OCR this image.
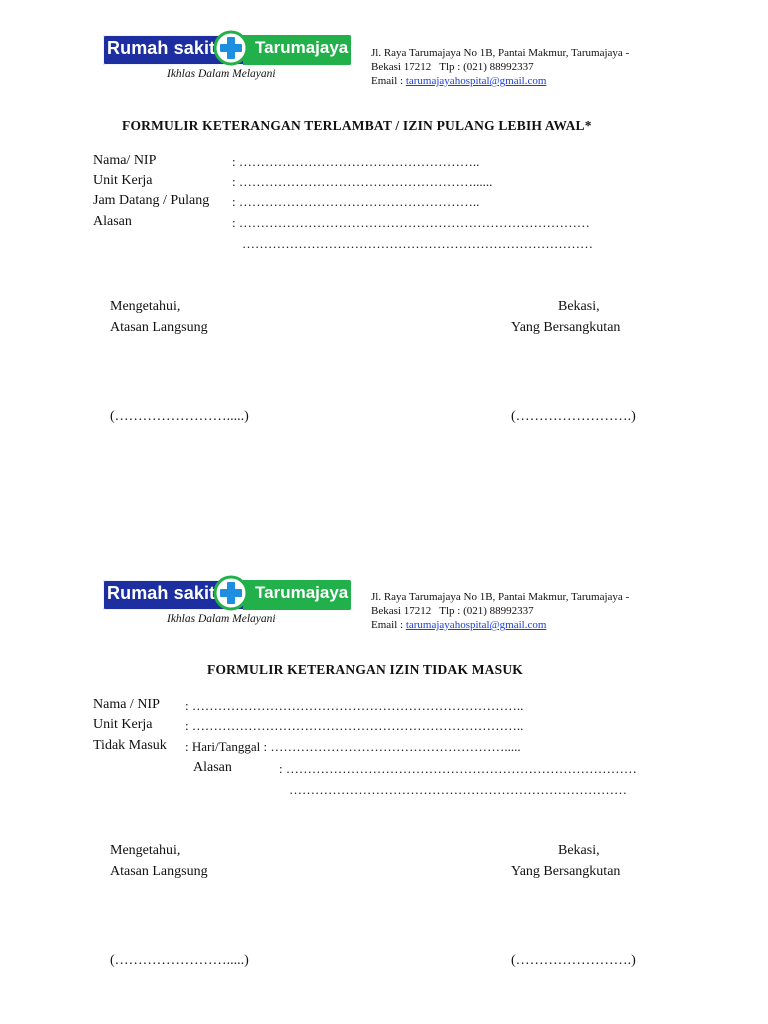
Rumah sakit Tarumajaya
Ikhlas Dalam Melayani
Jl. Raya Tarumajaya No 1B, Pantai Makmur, Tarumajaya -
Bekasi 17212   Tlp : (021) 88992337
Email : tarumajayahospital@gmail.com
FORMULIR KETERANGAN TERLAMBAT / IZIN PULANG LEBIH AWAL*
Nama/ NIP	: ………………………………………………..
Unit Kerja	: ………………………………………………......
Jam Datang / Pulang : ………………………………………………..
Alasan	: ………………………………………………………………………
………………………………………………………………………
Mengetahui,
Atasan Langsung
(…………………….....)
Bekasi,
Yang Bersangkutan
(…………………….)
Rumah sakit Tarumajaya
Ikhlas Dalam Melayani
Jl. Raya Tarumajaya No 1B, Pantai Makmur, Tarumajaya -
Bekasi 17212   Tlp : (021) 88992337
Email : tarumajayahospital@gmail.com
FORMULIR KETERANGAN IZIN TIDAK MASUK
Nama / NIP : …………………………………………………………………..
Unit Kerja	: …………………………………………………………………..
Tidak Masuk : Hari/Tanggal : ……………………………………………….....
Alasan	: ………………………………………………………………………
……………………………………………………………………
Mengetahui,
Atasan Langsung
(…………………….....)
Bekasi,
Yang Bersangkutan
(…………………….)
